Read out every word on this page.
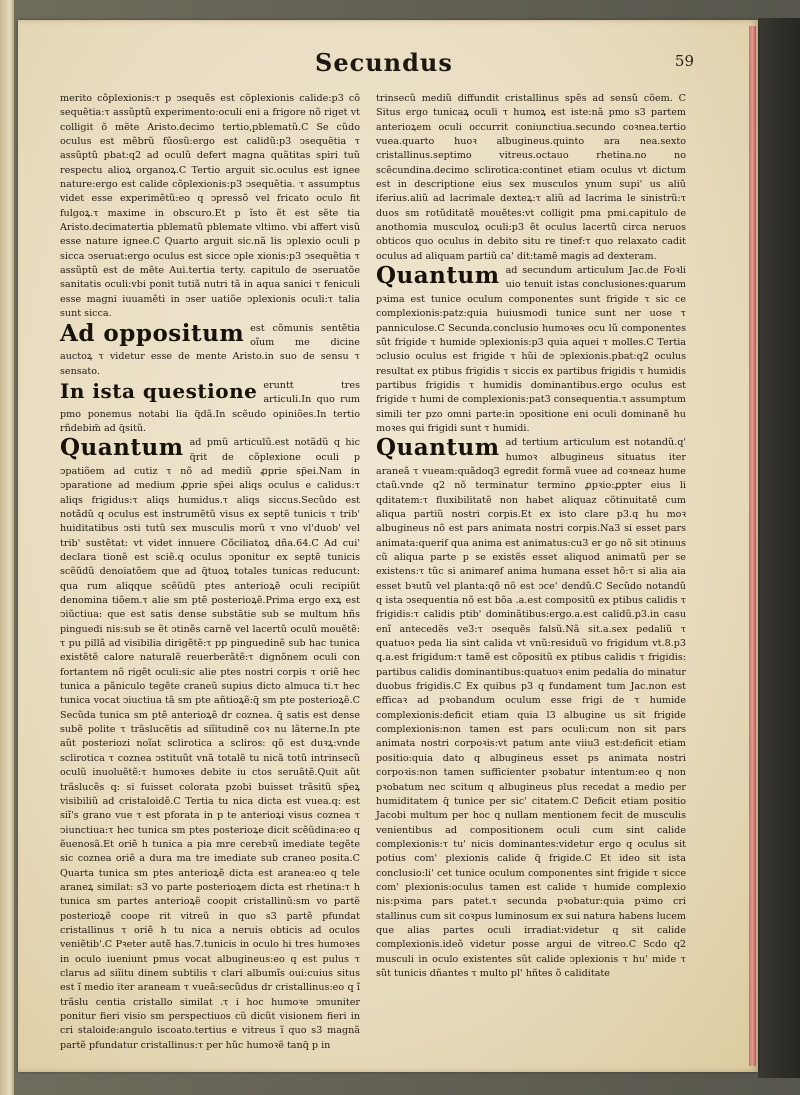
Secundus	59

merito cõplexionis:τ p ↄsequẽs est cõplexionis calide:p3 cõ sequẽtia:τ assũptũ experimento:oculi eni a frigore nõ riget vt colligit õ mẽte Aristo.decimo tertio,pblematũ.C Se cũdo oculus est mẽbrũ fũosũ:ergo est calidũ:p3 ↄsequẽtia τ assũptũ pbat:q2 ad oculũ defert magna quãtitas spiri tuũ respectu alioꝝ organoꝝ.C Tertio arguit sic.oculus est ignee nature:ergo est calide cõplexionis:p3 ↄsequẽtia. τ assumptus videt esse experimẽtũ:eo q ↄpressõ vel fricato oculo fit fulgoꝝ.τ maxime in obscuro.Et p ĩsto ẽt est sẽte tia Aristo.decimatertia pblematũ pblemate vltimo. vbi affert visũ esse nature ignee.C Quarto arguit sic.nã lis ↄplexio oculi p sicca ↄseruat:ergo oculus est sicce ↄple xionis:p3 ↄsequẽtia τ assũptũ est de mẽte Aui.tertia terty. capitulo de ↄseruatõe sanitatis oculi:vbi ponit tutiã nutri tã in aqua sanici τ feniculi esse magni iuuamẽti in ↄser uatiõe ↄplexionis oculi:τ talia sunt sicca.

Ad oppositum est cõmunis sentẽtia oĩum me dicine auctoꝝ τ videtur esse de mente Aristo.in suo de sensu τ sensato.

In ista questione eruntt tres articuli.In quo rum pmo ponemus notabi lia q̃dã.In scẽudo opiniões.In tertio rñdebim̃ ad q̃sitũ.

Quantum ad pmũ articulũ.est notãdũ q hic q̃rit de cõplexione oculi p ↄpatiõem ad cutiz τ nõ ad mediũ ꝓprie sp̃ei.Nam in ↄparatione ad medium ꝓprie sp̃ei aliqs oculus e calidus:τ aliqs frigidus:τ aliqs humidus.τ aliqs siccus.Secũdo est notãdũ q oculus est instrumẽtũ visus ex septẽ tunicis τ trib' huiditatibus ↄsti tutũ sex musculis morũ τ vno vl'duob' vel trib' sustẽtat: vt videt innuere Cõciliatoꝝ dña.64.C Ad cui' declara tionẽ est sciẽ.q oculus ↄponitur ex septẽ tunicis scẽũdũ denoiatõem que ad q̃tuoꝝ totales tunicas reducunt: qua rum aliqque scẽũdũ ptes anterioꝝẽ oculi recipiũt denomina tiõem.τ alie sm ptẽ posterioꝝẽ.Prima ergo exꝝ est ↄiũctiua: que est satis dense substãtie sub se multum hñs pinguedi nis:sub se ẽt ↄtinẽs carnẽ vel lacertũ oculũ mouẽtẽ: τ pu pillã ad visibilia dirigẽtẽ:τ pp pinguedinẽ sub hac tunica existẽtẽ calore naturalẽ reuerberãtẽ:τ dignõnem oculi con fortantem nõ rigẽt oculi:sic alie ptes nostri corpis τ oriẽ hec tunica a pãniculo tegẽte craneũ supius dicto almuca ti.τ hec tunica vocat ↄiuctiua tã sm pte añtioꝝẽ:q̃ sm pte posterioꝝẽ.C Secũda tunica sm ptẽ anterioꝝẽ dr coznea. q̃ satis est dense subẽ polite τ trãslucẽtis ad siĩitudinẽ coꝛ nu lãterne.In pte aũt posteriozi noĩat sclirotica a scliros: qõ est duꝛꝝ:vnde sclirotica τ coznea ↄstituũt vnã totalẽ tu nicã totũ intrinsecũ oculũ inuoluẽtẽ:τ humoꝛes debite iu ctos seruãtẽ.Quit aũt trãslucẽs q: si fuisset colorata pzobi buisset trãsitũ sp̃eꝝ visibiliũ ad cristaloidẽ.C Tertia tu nica dicta est vuea.q: est siĩ's grano vue τ est pforata in p te anterioꝝi visus coznea τ ↄiunctiua:τ hec tunica sm ptes posterioꝝe dicit scẽũdina:eo q ẽuenosã.Et oriẽ h tunica a pia mre cerebꝛũ imediate tegẽte sic coznea oriẽ a dura ma tre imediate sub craneo posita.C Quarta tunica sm ptes anterioꝝẽ dicta est aranea:eo q tele araneꝝ similat: s3 vo parte posterioꝝem dicta est rhetina:τ h tunica sm partes anterioꝝẽ coopit cristallinũ:sm vo partẽ posterioꝝẽ coope rit vitreũ in quo s3 partẽ pfundat cristallinus τ oriẽ h tu nica a neruis obticis ad oculos veniẽtib'.C Pꝛeter autẽ has.7.tunicis in oculo hi tres humoꝛes in oculo iueniunt pmus vocat albugineus:eo q est pulus τ clarus ad siĩitu dinem subtilis τ clari albumĩs oui:cuius situs est ĩ medio iter araneam τ vueã:secũdus dr cristallinus:eo q ĩ trãslu centia cristallo similat .τ i hoc humoꝛe ↄmuniter ponitur fieri visio sm perspectiuos cũ dicũt visionem fieri in cri staloide:angulo iscoato.tertius e vitreus ĩ quo s3 magnã partẽ pfundatur cristallinus:τ per hũc humoꝛẽ tanq̃ p in

trinsecũ mediũ diffundit cristallinus spẽs ad sensũ cõem. C Situs ergo tunicaꝝ oculi τ humoꝝ est iste:nã pmo s3 partem anterioꝝem oculi occurrit coniunctiua.secundo coꝛnea.tertio vuea.quarto huoꝛ albugineus.quinto ara nea.sexto cristallinus.septimo vitreus.octauo rhetina.no no scẽcundina.decimo sclirotica:continet etiam oculus vt dictum est in descriptione eius sex musculos ynum supi' us aliũ iferius.aliũ ad lacrimale dexteꝝ:τ aliũ ad lacrima le sinistrũ:τ duos sm rotũditatẽ mouẽtes:vt colligit pma pmi.capitulo de anothomia musculoꝝ oculi:p3 ẽt oculus lacertũ circa neruos obticos quo oculus in debito situ re tinef:τ quo relaxato cadit oculus ad aliquam partiũ ca' dit:tamẽ magis ad dexteram.

Quantum ad secundum articulum Jac.de Foꝛli uio tenuit istas conclusiones:quarum pꝛima est tunice oculum componentes sunt frigide τ sic ce complexionis:patz:quia huiusmodi tunice sunt ner uose τ panniculose.C Secunda.conclusio humoꝛes ocu lũ componentes sũt frigide τ humide ↄplexionis:p3 quia aquei τ molles.C Tertia ↄclusio oculus est frigide τ hũi de ↄplexionis.pbat:q2 oculus resultat ex ptibus frigidis τ siccis ex partibus frigidis τ humidis partibus frigidis τ humidis dominantibus.ergo oculus est frigide τ humi de complexionis:pat3 consequentia.τ assumptum simili ter pzo omni parte:in ↄpositione eni oculi dominanẽ hu moꝛes qui frigidi sunt τ humidi.

Quantum ad tertium articulum est notandũ.q' humoꝛ albugineus situatus iter araneã τ vueam:quãdoq3 egredit formã vuee ad coꝛneaz hume ctaũ.vnde q2 nõ terminatur termino ꝓpꝛio:ꝓpter eius li qditatem:τ fluxibilitatẽ non habet aliquaz cõtinuitatẽ cum aliqua partiũ nostri corpis.Et ex isto clare p3.q hu moꝛ albugineus nõ est pars animata nostri corpis.Na3 si esset pars animata:querif qua anima est animatus:cu3 er go nõ sit ↄtinuus cũ aliqua parte p se existẽs esset aliquod animatũ per se existens:τ tũc si animaref anima humana esset hõ:τ si alia aia esset bꝛutũ vel planta:qõ nõ est ↄce' dendũ.C Secũdo notandũ q ista ↄsequentia nõ est bõa .a.est compositũ ex ptibus calidis τ frigidis:τ calidis ptib' dominãtibus:ergo.a.est calidũ.p3.in casu enĩ antecedẽs ve3:τ ↄsequẽs falsũ.Nã sit.a.sex pedaliũ τ quatuoꝛ peda lia sint calida vt vnũ:residuũ vo frigidum vt.8.p3 q.a.est frigidum:τ tamẽ est cõpositũ ex ptibus calidis τ frigidis: partibus calidis dominantibus:quatuoꝛ enim pedalia do minatur duobus frigidis.C Ex quibus p3 q fundament tum Jac.non est efficaꝛ ad pꝛobandum oculum esse frigi de τ humide complexionis:deficit etiam quia l3 albugine us sit frigide complexionis:non tamen est pars oculi:cum non sit pars animata nostri corpoꝛis:vt patum ante viiu3 est:deficit etiam positio:quia dato q albugineus esset ps animata nostri corpoꝛis:non tamen sufficienter pꝛobatur intentum:eo q non pꝛobatum nec scitum q albugineus plus recedat a medio per humiditatem q̃ tunice per sic' citatem.C Deficit etiam positio Jacobi multum per hoc q nullam mentionem fecit de musculis venientibus ad compositionem oculi cum sint calide complexionis:τ tu' nicis dominantes:videtur ergo q oculus sit potius com' plexionis calide q̃ frigide.C Et ideo sit ista conclusio:li' cet tunice oculum componentes sint frigide τ sicce com' plexionis:oculus tamen est calide τ humide complexio nis:pꝛima pars patet.τ secunda pꝛobatur:quia pꝛimo cri stallinus cum sit coꝛpus luminosum ex sui natura habens lucem que alias partes oculi irradiat:videtur q sit calide complexionis.ideõ videtur posse argui de vitreo.C Scdo q2 musculi in oculo existentes sũt calide ↄplexionis τ hu' mide τ sũt tunicis dñantes τ multo pl' hñtes õ caliditate
